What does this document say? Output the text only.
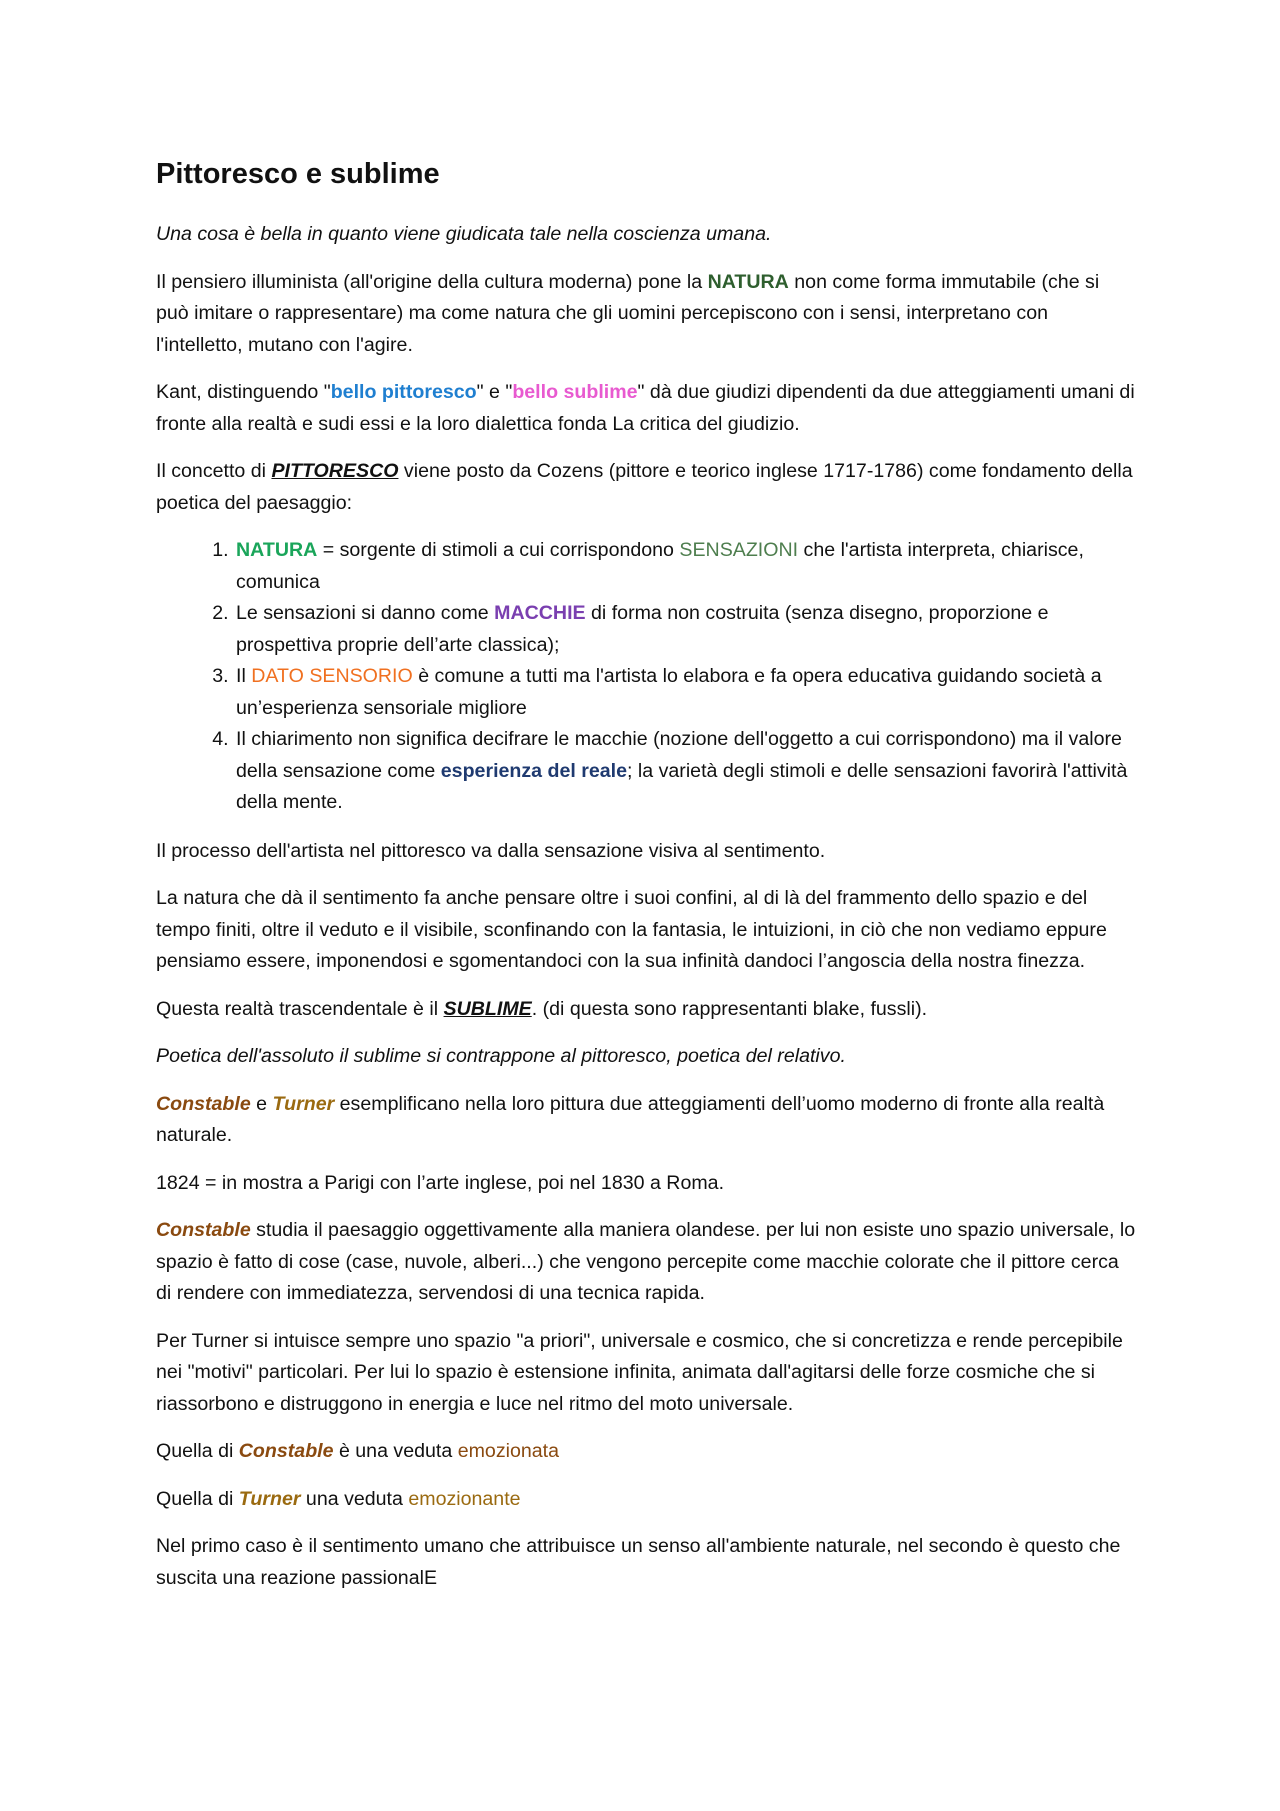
Pittoresco e sublime

Una cosa è bella in quanto viene giudicata tale nella coscienza umana.

Il pensiero illuminista (all'origine della cultura moderna) pone la NATURA non come forma immutabile (che si può imitare o rappresentare) ma come natura che gli uomini percepiscono con i sensi, interpretano con l'intelletto, mutano con l'agire.

Kant, distinguendo "bello pittoresco" e "bello sublime" dà due giudizi dipendenti da due atteggiamenti umani di fronte alla realtà e sudi essi e la loro dialettica fonda La critica del giudizio.

Il concetto di PITTORESCO viene posto da Cozens (pittore e teorico inglese 1717-1786) come fondamento della poetica del paesaggio:

1. NATURA = sorgente di stimoli a cui corrispondono SENSAZIONI che l'artista interpreta, chiarisce, comunica
2. Le sensazioni si danno come MACCHIE di forma non costruita (senza disegno, proporzione e prospettiva proprie dell’arte classica);
3. Il DATO SENSORIO è comune a tutti ma l'artista lo elabora e fa opera educativa guidando società a un’esperienza sensoriale migliore
4. Il chiarimento non significa decifrare le macchie (nozione dell'oggetto a cui corrispondono) ma il valore della sensazione come esperienza del reale; la varietà degli stimoli e delle sensazioni favorirà l'attività della mente.

Il processo dell'artista nel pittoresco va dalla sensazione visiva al sentimento.

La natura che dà il sentimento fa anche pensare oltre i suoi confini, al di là del frammento dello spazio e del tempo finiti, oltre il veduto e il visibile, sconfinando con la fantasia, le intuizioni, in ciò che non vediamo eppure pensiamo essere, imponendosi e sgomentandoci con la sua infinità dandoci l’angoscia della nostra finezza.

Questa realtà trascendentale è il SUBLIME. (di questa sono rappresentanti blake, fussli).

Poetica dell'assoluto il sublime si contrappone al pittoresco, poetica del relativo.

Constable e Turner esemplificano nella loro pittura due atteggiamenti dell’uomo moderno di fronte alla realtà naturale.

1824 = in mostra a Parigi con l’arte inglese, poi nel 1830 a Roma.

Constable studia il paesaggio oggettivamente alla maniera olandese. per lui non esiste uno spazio universale, lo spazio è fatto di cose (case, nuvole, alberi...) che vengono percepite come macchie colorate che il pittore cerca di rendere con immediatezza, servendosi di una tecnica rapida.

Per Turner si intuisce sempre uno spazio "a priori", universale e cosmico, che si concretizza e rende percepibile nei "motivi" particolari. Per lui lo spazio è estensione infinita, animata dall'agitarsi delle forze cosmiche che si riassorbono e distruggono in energia e luce nel ritmo del moto universale.

Quella di Constable è una veduta emozionata

Quella di Turner una veduta emozionante

Nel primo caso è il sentimento umano che attribuisce un senso all'ambiente naturale, nel secondo è questo che suscita una reazione passionalE
